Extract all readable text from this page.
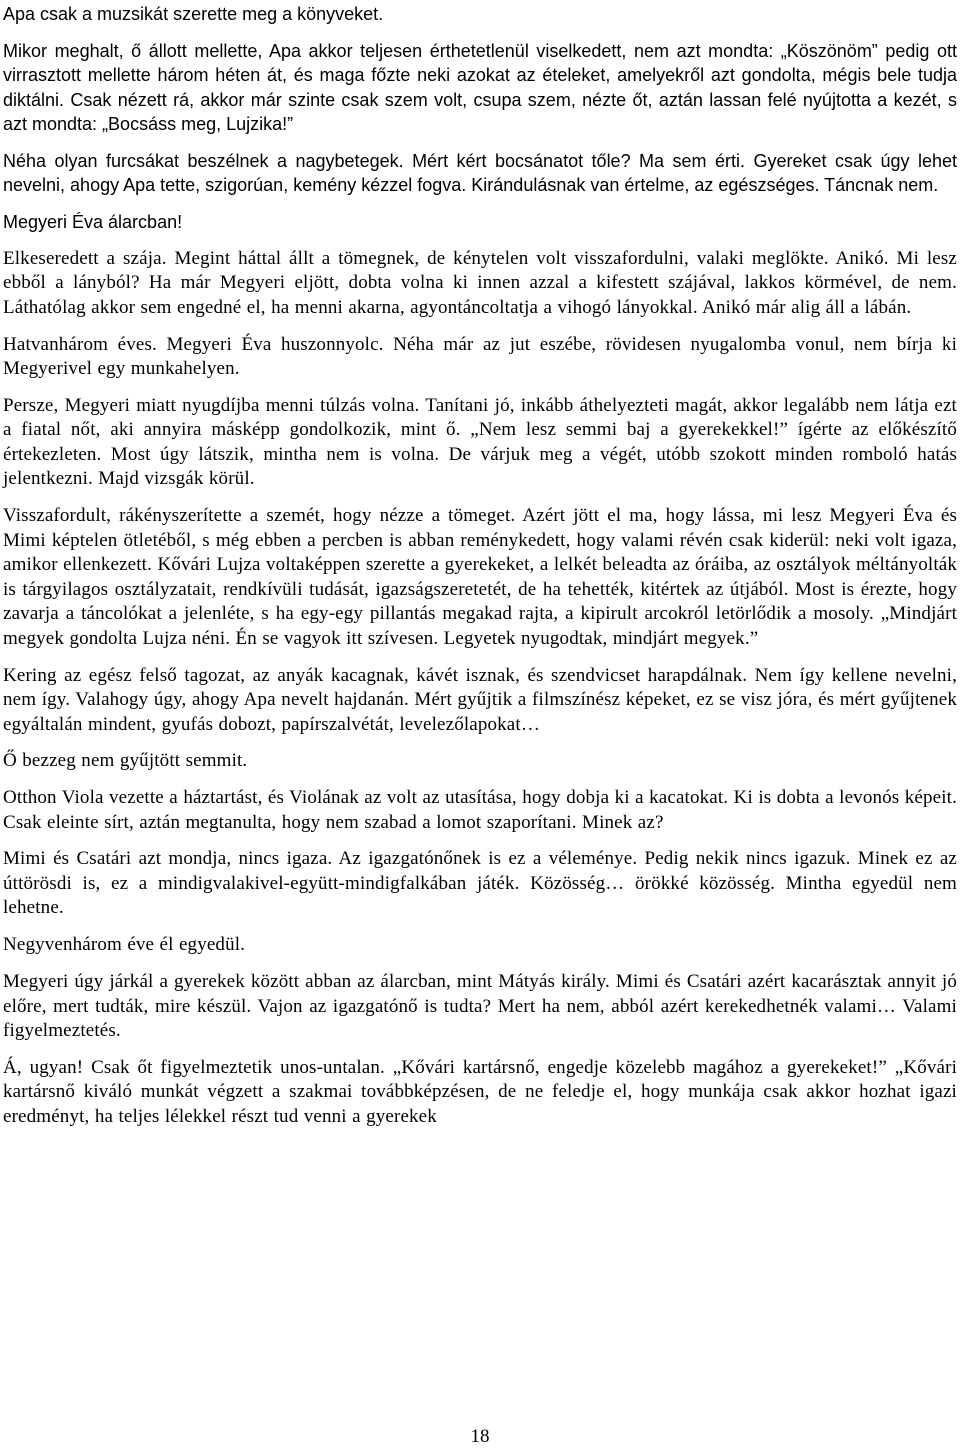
Apa csak a muzsikát szerette meg a könyveket.

Mikor meghalt, ő állott mellette, Apa akkor teljesen érthetetlenül viselkedett, nem azt mondta: „Köszönöm” pedig ott virrasztott mellette három héten át, és maga főzte neki azokat az ételeket, amelyekről azt gondolta, mégis bele tudja diktálni. Csak nézett rá, akkor már szinte csak szem volt, csupa szem, nézte őt, aztán lassan felé nyújtotta a kezét, s azt mondta: „Bocsáss meg, Lujzika!”

Néha olyan furcsákat beszélnek a nagybetegek. Mért kért bocsánatot tőle? Ma sem érti. Gyereket csak úgy lehet nevelni, ahogy Apa tette, szigorúan, kemény kézzel fogva. Kirándulásnak van értelme, az egészséges. Táncnak nem.

Megyeri Éva álarcban!

Elkeseredett a szája. Megint háttal állt a tömegnek, de kénytelen volt visszafordulni, valaki meglökte. Anikó. Mi lesz ebből a lányból? Ha már Megyeri eljött, dobta volna ki innen azzal a kifestett szájával, lakkos körmével, de nem. Láthatólag akkor sem engedné el, ha menni akarna, agyontáncoltatja a vihogó lányokkal. Anikó már alig áll a lábán.

Hatvanhárom éves. Megyeri Éva huszonnyolc. Néha már az jut eszébe, rövidesen nyugalomba vonul, nem bírja ki Megyerivel egy munkahelyen.

Persze, Megyeri miatt nyugdíjba menni túlzás volna. Tanítani jó, inkább áthelyezteti magát, akkor legalább nem látja ezt a fiatal nőt, aki annyira másképp gondolkozik, mint ő. „Nem lesz semmi baj a gyerekekkel!” ígérte az előkészítő értekezleten. Most úgy látszik, mintha nem is volna. De várjuk meg a végét, utóbb szokott minden romboló hatás jelentkezni. Majd vizsgák körül.

Visszafordult, rákényszerítette a szemét, hogy nézze a tömeget. Azért jött el ma, hogy lássa, mi lesz Megyeri Éva és Mimi képtelen ötletéből, s még ebben a percben is abban reménykedett, hogy valami révén csak kiderül: neki volt igaza, amikor ellenkezett. Kővári Lujza voltaképpen szerette a gyerekeket, a lelkét beleadta az óráiba, az osztályok méltányolták is tárgyilagos osztályzatait, rendkívüli tudását, igazságszeretetét, de ha tehették, kitértek az útjából. Most is érezte, hogy zavarja a táncolókat a jelenléte, s ha egy-egy pillantás megakad rajta, a kipirult arcokról letörlődik a mosoly. „Mindjárt megyek gondolta Lujza néni. Én se vagyok itt szívesen. Legyetek nyugodtak, mindjárt megyek.”

Kering az egész felső tagozat, az anyák kacagnak, kávét isznak, és szendvicset harapdálnak. Nem így kellene nevelni, nem így. Valahogy úgy, ahogy Apa nevelt hajdanán. Mért gyűjtik a filmszínész képeket, ez se visz jóra, és mért gyűjtenek egyáltalán mindent, gyufás dobozt, papírszalvétát, levelezőlapokat…

Ő bezzeg nem gyűjtött semmit.

Otthon Viola vezette a háztartást, és Violának az volt az utasítása, hogy dobja ki a kacatokat. Ki is dobta a levonós képeit. Csak eleinte sírt, aztán megtanulta, hogy nem szabad a lomot szaporítani. Minek az?

Mimi és Csatári azt mondja, nincs igaza. Az igazgatónőnek is ez a véleménye. Pedig nekik nincs igazuk. Minek ez az úttörösdi is, ez a mindigvalakivel-együtt-mindigfalkában játék. Közösség… örökké közösség. Mintha egyedül nem lehetne.

Negyvenhárom éve él egyedül.

Megyeri úgy járkál a gyerekek között abban az álarcban, mint Mátyás király. Mimi és Csatári azért kacarásztak annyit jó előre, mert tudták, mire készül. Vajon az igazgatónő is tudta? Mert ha nem, abból azért kerekedhetnék valami… Valami figyelmeztetés.

Á, ugyan! Csak őt figyelmeztetik unos-untalan. „Kővári kartársnő, engedje közelebb magához a gyerekeket!” „Kővári kartársnő kiváló munkát végzett a szakmai továbbképzésen, de ne feledje el, hogy munkája csak akkor hozhat igazi eredményt, ha teljes lélekkel részt tud venni a gyerekek

18
